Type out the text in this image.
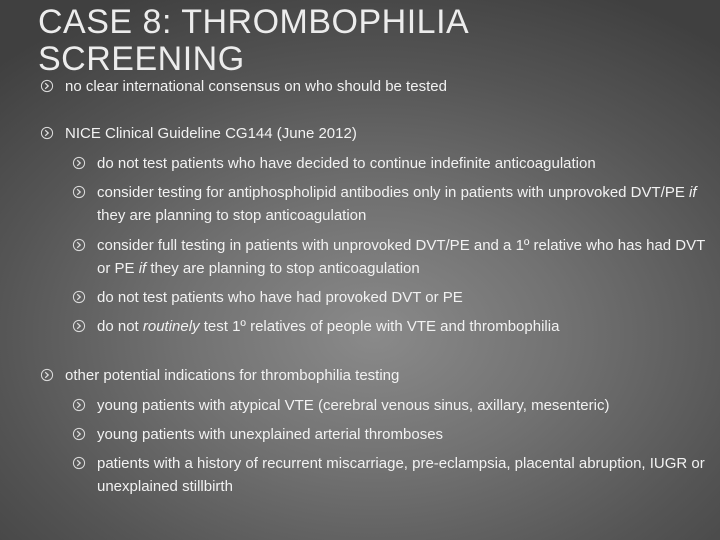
CASE 8: THROMBOPHILIA
SCREENING
no clear international consensus on who should be tested
NICE Clinical Guideline CG144 (June 2012)
do not test patients who have decided to continue indefinite anticoagulation
consider testing for antiphospholipid antibodies only in patients with unprovoked DVT/PE if they are planning to stop anticoagulation
consider full testing in patients with unprovoked DVT/PE and a 1º relative who has had DVT or PE if they are planning to stop anticoagulation
do not test patients who have had provoked DVT or PE
do not routinely test 1º relatives of people with VTE and thrombophilia
other potential indications for thrombophilia testing
young patients with atypical VTE (cerebral venous sinus, axillary, mesenteric)
young patients with unexplained arterial thromboses
patients with a history of recurrent miscarriage, pre-eclampsia, placental abruption, IUGR or unexplained stillbirth
